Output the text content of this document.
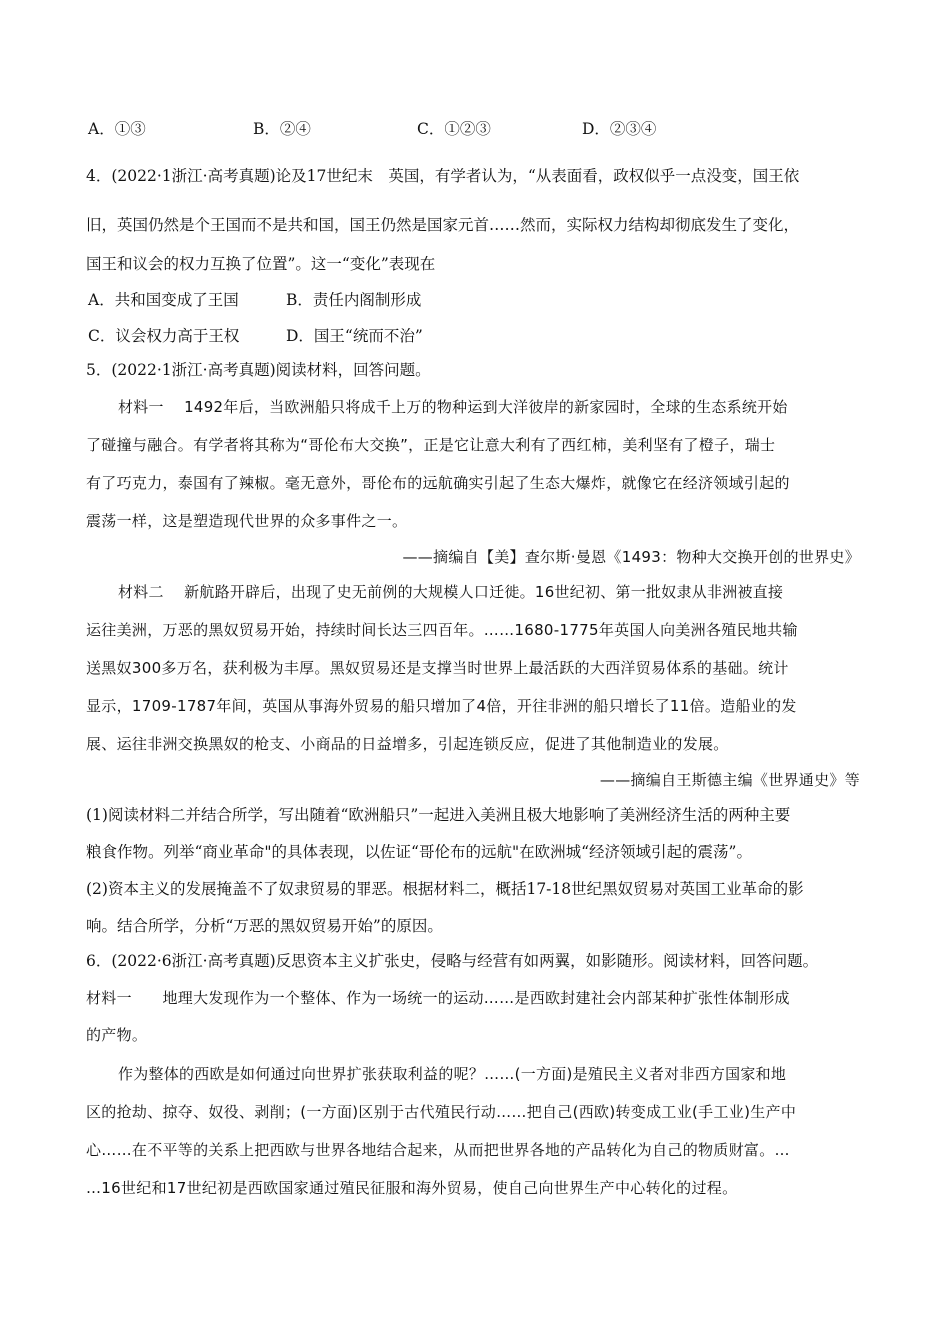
A．①③	B．②④	C．①②③	D．②③④
4．(2022·1浙江·高考真题)论及17世纪末　英国，有学者认为，“从表面看，政权似乎一点没变，国王依
旧，英国仍然是个王国而不是共和国，国王仍然是国家元首……然而，实际权力结构却彻底发生了变化，
国王和议会的权力互换了位置”。这一“变化”表现在
A．共和国变成了王国	B．责任内阁制形成
C．议会权力高于王权	D．国王“统而不治”
5．(2022·1浙江·高考真题)阅读材料，回答问题。
材料一　 1492年后，当欧洲船只将成千上万的物种运到大洋彼岸的新家园时，全球的生态系统开始
了碰撞与融合。有学者将其称为“哥伦布大交换”，正是它让意大利有了西红柿，美利坚有了橙子，瑞士
有了巧克力，泰国有了辣椒。毫无意外，哥伦布的远航确实引起了生态大爆炸，就像它在经济领域引起的
震荡一样，这是塑造现代世界的众多事件之一。
——摘编自【美】查尔斯·曼恩《1493：物种大交换开创的世界史》
材料二　 新航路开辟后，出现了史无前例的大规模人口迁徙。16世纪初、第一批奴隶从非洲被直接
运往美洲，万恶的黑奴贸易开始，持续时间长达三四百年。……1680-1775年英国人向美洲各殖民地共输
送黑奴300多万名，获利极为丰厚。黑奴贸易还是支撑当时世界上最活跃的大西洋贸易体系的基础。统计
显示，1709-1787年间，英国从事海外贸易的船只增加了4倍，开往非洲的船只增长了11倍。造船业的发
展、运往非洲交换黑奴的枪支、小商品的日益增多，引起连锁反应，促进了其他制造业的发展。
——摘编自王斯德主编《世界通史》等
(1)阅读材料二并结合所学，写出随着“欧洲船只”一起进入美洲且极大地影响了美洲经济生活的两种主要
粮食作物。列举“商业革命"的具体表现，以佐证“哥伦布的远航"在欧洲城“经济领域引起的震荡”。
(2)资本主义的发展掩盖不了奴隶贸易的罪恶。根据材料二，概括17-18世纪黑奴贸易对英国工业革命的影
响。结合所学，分析“万恶的黑奴贸易开始”的原因。
6．(2022·6浙江·高考真题)反思资本主义扩张史，侵略与经营有如两翼，如影随形。阅读材料，回答问题。
材料一　　地理大发现作为一个整体、作为一场统一的运动……是西欧封建社会内部某种扩张性体制形成
的产物。
作为整体的西欧是如何通过向世界扩张获取利益的呢？……(一方面)是殖民主义者对非西方国家和地
区的抢劫、掠夺、奴役、剥削；(一方面)区别于古代殖民行动……把自己(西欧)转变成工业(手工业)生产中
心……在不平等的关系上把西欧与世界各地结合起来，从而把世界各地的产品转化为自己的物质财富。…
…16世纪和17世纪初是西欧国家通过殖民征服和海外贸易，使自己向世界生产中心转化的过程。
